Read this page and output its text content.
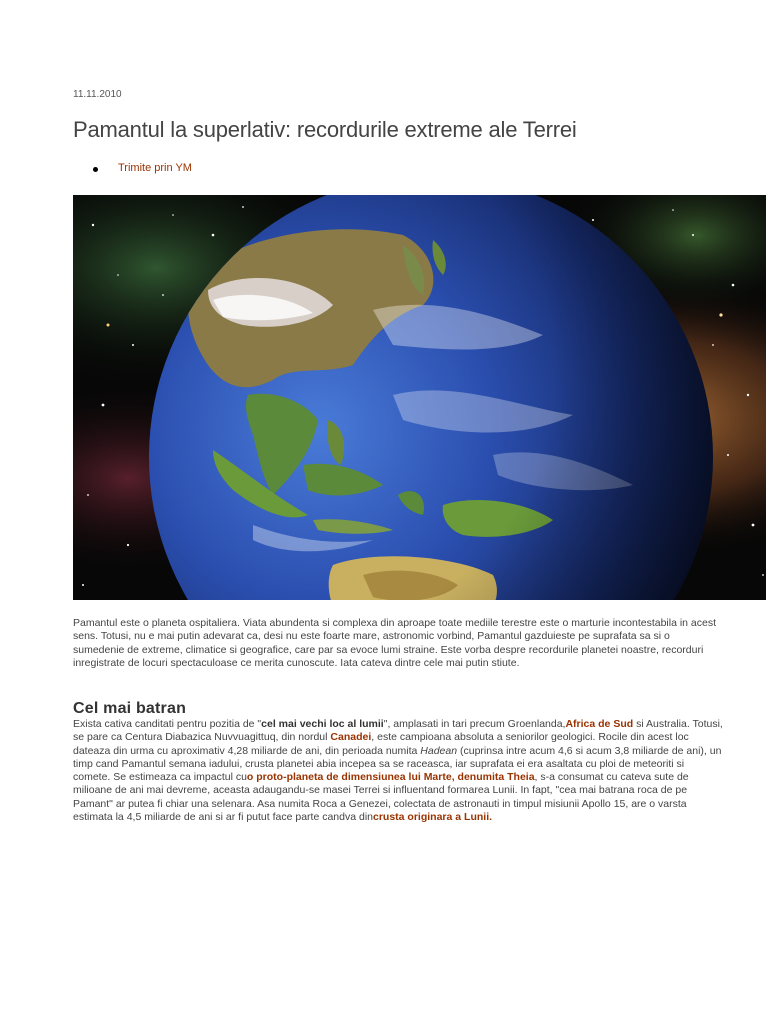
11.11.2010
Pamantul la superlativ: recordurile extreme ale Terrei
Trimite prin YM

Pamantul este o planeta ospitaliera. Viata abundenta si complexa din aproape toate mediile terestre este o marturie incontestabila in acest sens. Totusi, nu e mai putin adevarat ca, desi nu este foarte mare, astronomic vorbind, Pamantul gazduieste pe suprafata sa si o sumedenie de extreme, climatice si geografice, care par sa evoce lumi straine. Este vorba despre recordurile planetei noastre, recorduri inregistrate de locuri spectaculoase ce merita cunoscute. Iata cateva dintre cele mai putin stiute.

Cel mai batran

Exista cativa canditati pentru pozitia de "cel mai vechi loc al lumii", amplasati in tari precum Groenlanda,Africa de Sud si Australia. Totusi, se pare ca Centura Diabazica Nuvvuagittuq, din nordul Canadei, este campioana absoluta a seniorilor geologici. Rocile din acest loc dateaza din urma cu aproximativ 4,28 miliarde de ani, din perioada numita Hadean (cuprinsa intre acum 4,6 si acum 3,8 miliarde de ani), un timp cand Pamantul semana iadului, crusta planetei abia incepea sa se raceasca, iar suprafata ei era asaltata cu ploi de meteoriti si comete. Se estimeaza ca impactul cuo proto-planeta de dimensiunea lui Marte, denumita Theia, s-a consumat cu cateva sute de milioane de ani mai devreme, aceasta adaugandu-se masei Terrei si influentand formarea Lunii. In fapt, "cea mai batrana roca de pe Pamant" ar putea fi chiar una selenara. Asa numita Roca a Genezei, colectata de astronauti in timpul misiunii Apollo 15, are o varsta estimata la 4,5 miliarde de ani si ar fi putut face parte candva dincrusta originara a Lunii.
